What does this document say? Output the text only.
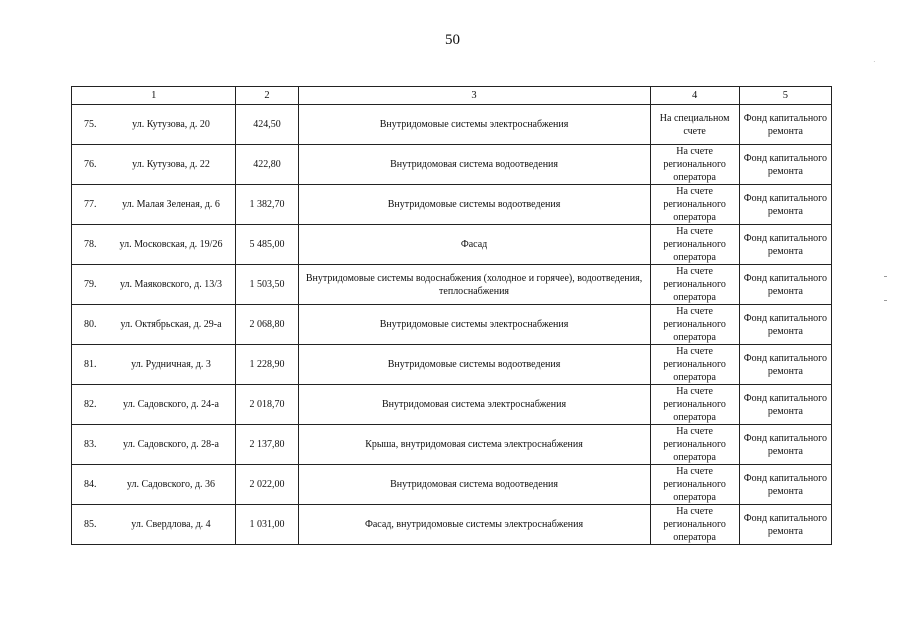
50
.
1	2	3	4	5

75. ул. Кутузова, д. 20	424,50	Внутридомовые системы электроснабжения	На специальном счете	Фонд капитального ремонта

76. ул. Кутузова, д. 22	422,80	Внутридомовая система водоотведения	На счете регионального оператора	Фонд капитального ремонта

77. ул. Малая Зеленая, д. 6	1 382,70	Внутридомовые системы водоотведения	На счете регионального оператора	Фонд капитального ремонта

78. ул. Московская, д. 19/26	5 485,00	Фасад	На счете регионального оператора	Фонд капитального ремонта

79. ул. Маяковского, д. 13/3	1 503,50	Внутридомовые системы водоснабжения (холодное и горячее), водоотведения, теплоснабжения	На счете регионального оператора	Фонд капитального ремонта

80. ул. Октябрьская, д. 29-а	2 068,80	Внутридомовые системы электроснабжения	На счете регионального оператора	Фонд капитального ремонта

81. ул. Рудничная, д. 3	1 228,90	Внутридомовые системы водоотведения	На счете регионального оператора	Фонд капитального ремонта

82. ул. Садовского, д. 24-а	2 018,70	Внутридомовая система электроснабжения	На счете регионального оператора	Фонд капитального ремонта

83. ул. Садовского, д. 28-а	2 137,80	Крыша, внутридомовая система электроснабжения	На счете регионального оператора	Фонд капитального ремонта

84. ул. Садовского, д. 36	2 022,00	Внутридомовая система водоотведения	На счете регионального оператора	Фонд капитального ремонта

85. ул. Свердлова, д. 4	1 031,00	Фасад, внутридомовые системы электроснабжения	На счете регионального оператора	Фонд капитального ремонта
